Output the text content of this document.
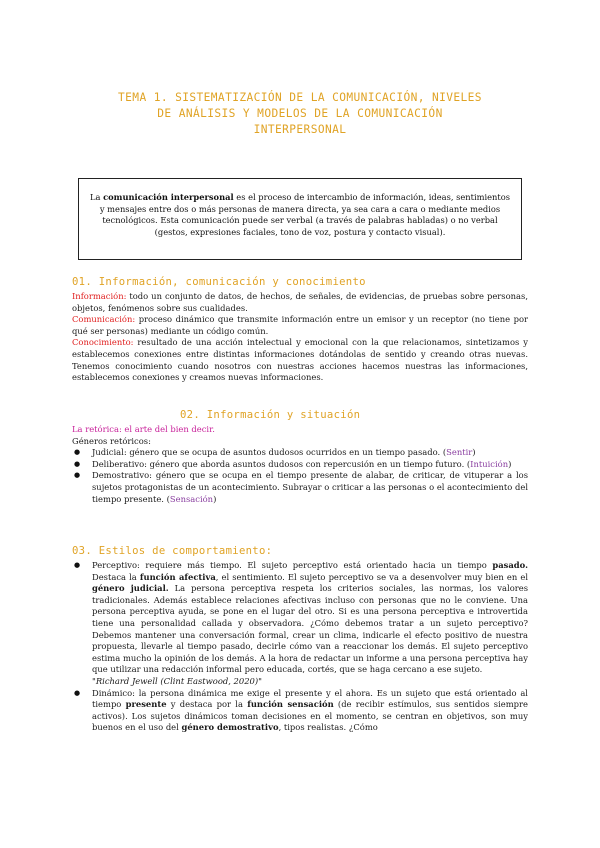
TEMA 1. SISTEMATIZACIÓN DE LA COMUNICACIÓN, NIVELES
DE ANÁLISIS Y MODELOS DE LA COMUNICACIÓN
INTERPERSONAL
La comunicación interpersonal es el proceso de intercambio de información, ideas, sentimientos y mensajes entre dos o más personas de manera directa, ya sea cara a cara o mediante medios tecnológicos. Esta comunicación puede ser verbal (a través de palabras habladas) o no verbal (gestos, expresiones faciales, tono de voz, postura y contacto visual).
01. Información, comunicación y conocimiento

Información: todo un conjunto de datos, de hechos, de señales, de evidencias, de pruebas sobre personas, objetos, fenómenos sobre sus cualidades.

Comunicación: proceso dinámico que transmite información entre un emisor y un receptor (no tiene por qué ser personas) mediante un código común.

Conocimiento: resultado de una acción intelectual y emocional con la que relacionamos, sintetizamos y establecemos conexiones entre distintas informaciones dotándolas de sentido y creando otras nuevas. Tenemos conocimiento cuando nosotros con nuestras acciones hacemos nuestras las informaciones, establecemos conexiones y creamos nuevas informaciones.

02. Información y situación

La retórica: el arte del bien decir.

Géneros retóricos:

● Judicial: género que se ocupa de asuntos dudosos ocurridos en un tiempo pasado. (Sentir)
● Deliberativo: género que aborda asuntos dudosos con repercusión en un tiempo futuro. (Intuición)
● Demostrativo: género que se ocupa en el tiempo presente de alabar, de criticar, de vituperar a los sujetos protagonistas de un acontecimiento. Subrayar o criticar a las personas o el acontecimiento del tiempo presente. (Sensación)
03. Estilos de comportamiento:
● Perceptivo: requiere más tiempo. El sujeto perceptivo está orientado hacia un tiempo pasado. Destaca la función afectiva, el sentimiento. El sujeto perceptivo se va a desenvolver muy bien en el género judicial. La persona perceptiva respeta los criterios sociales, las normas, los valores tradicionales. Además establece relaciones afectivas incluso con personas que no le conviene. Una persona perceptiva ayuda, se pone en el lugar del otro. Si es una persona perceptiva e introvertida tiene una personalidad callada y observadora. ¿Cómo debemos tratar a un sujeto perceptivo? Debemos mantener una conversación formal, crear un clima, indicarle el efecto positivo de nuestra propuesta, llevarle al tiempo pasado, decirle cómo van a reaccionar los demás. El sujeto perceptivo estima mucho la opinión de los demás. A la hora de redactar un informe a una persona perceptiva hay que utilizar una redacción informal pero educada, cortés, que se haga cercano a ese sujeto.
"Richard Jewell (Clint Eastwood, 2020)"
● Dinámico: la persona dinámica me exige el presente y el ahora. Es un sujeto que está orientado al tiempo presente y destaca por la función sensación (de recibir estímulos, sus sentidos siempre activos). Los sujetos dinámicos toman decisiones en el momento, se centran en objetivos, son muy buenos en el uso del género demostrativo, tipos realistas. ¿Cómo
